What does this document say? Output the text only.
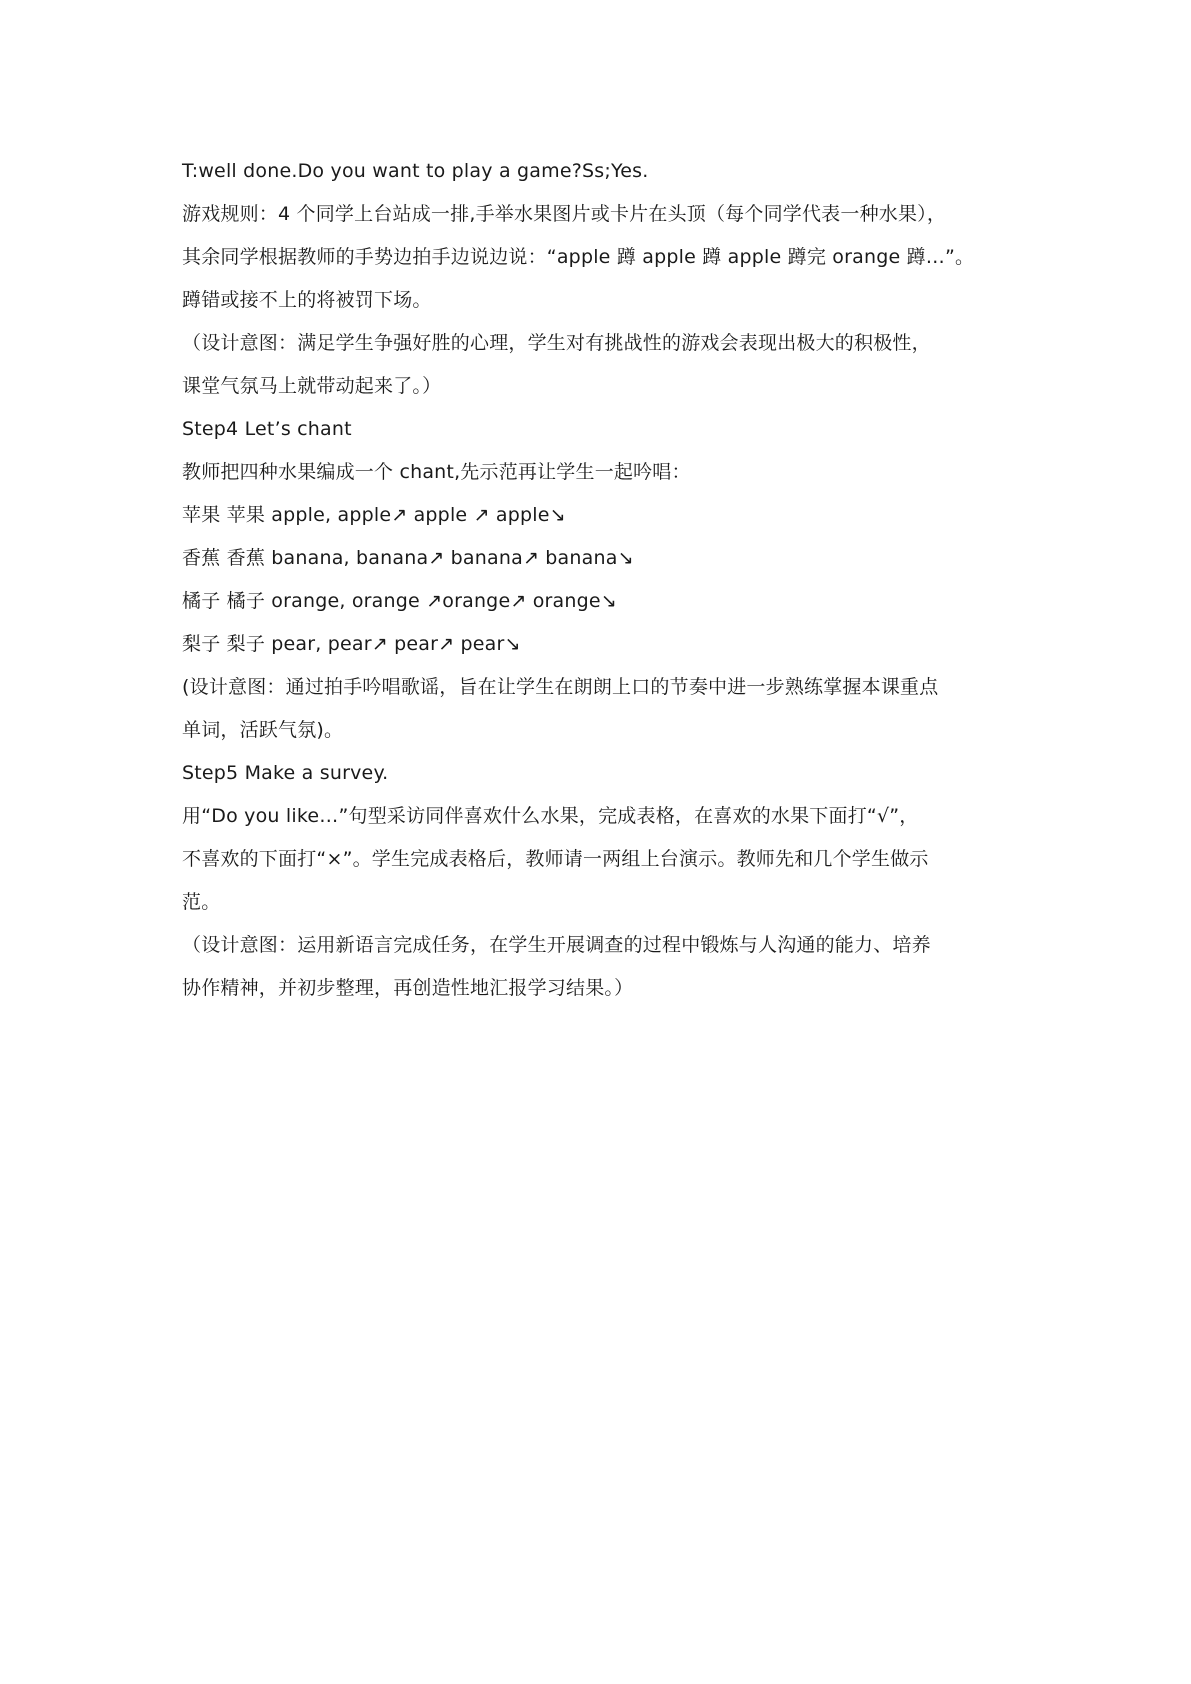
T:well done.Do you want to play a game?Ss;Yes.
游戏规则：4 个同学上台站成一排,手举水果图片或卡片在头顶（每个同学代表一种水果），
其余同学根据教师的手势边拍手边说边说：“apple 蹲 apple 蹲 apple 蹲完 orange 蹲…”。
蹲错或接不上的将被罚下场。
（设计意图：满足学生争强好胜的心理，学生对有挑战性的游戏会表现出极大的积极性，
课堂气氛马上就带动起来了。）
Step4 Let’s chant
教师把四种水果编成一个 chant,先示范再让学生一起吟唱：
苹果 苹果 apple, apple↗ apple ↗ apple↘
香蕉 香蕉 banana, banana↗ banana↗ banana↘
橘子 橘子 orange, orange ↗orange↗ orange↘
梨子 梨子 pear, pear↗ pear↗ pear↘
(设计意图：通过拍手吟唱歌谣，旨在让学生在朗朗上口的节奏中进一步熟练掌握本课重点
单词，活跃气氛)。
Step5 Make a survey.
用“Do you like…”句型采访同伴喜欢什么水果，完成表格，在喜欢的水果下面打“√”，
不喜欢的下面打“×”。学生完成表格后，教师请一两组上台演示。教师先和几个学生做示
范。
（设计意图：运用新语言完成任务，在学生开展调查的过程中锻炼与人沟通的能力、培养
协作精神，并初步整理，再创造性地汇报学习结果。）
